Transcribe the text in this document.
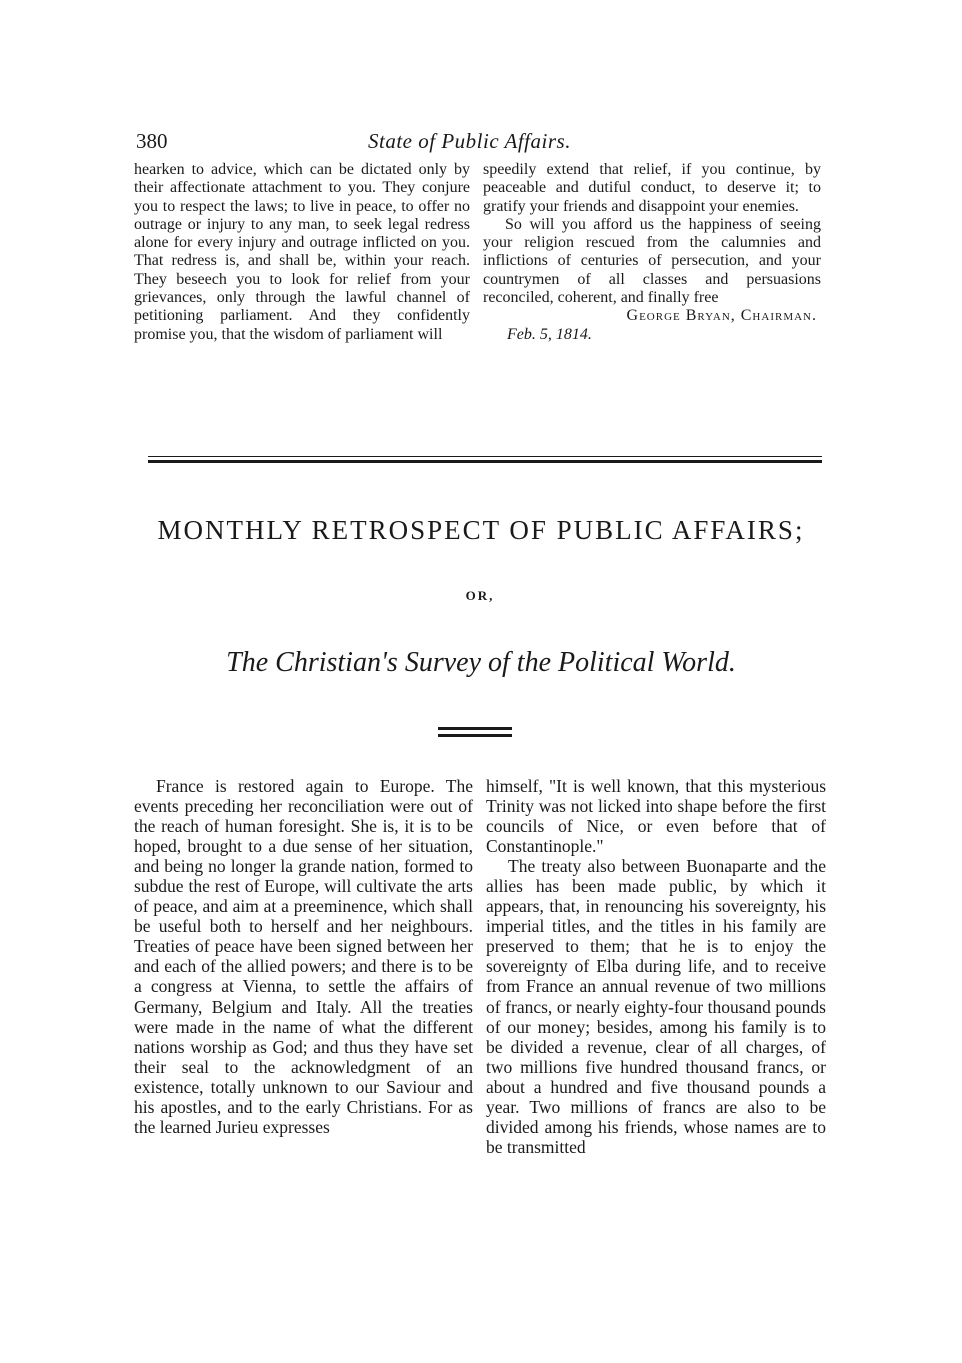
380	State of Public Affairs.

hearken to advice, which can be dictated only by their affectionate attachment to you. They conjure you to respect the laws; to live in peace, to offer no outrage or injury to any man, to seek legal redress alone for every injury and outrage inflicted on you. That redress is, and shall be, within your reach. They beseech you to look for relief from your grievances, only through the lawful channel of petitioning parliament. And they confidently promise you, that the wisdom of parliament will

speedily extend that relief, if you continue, by peaceable and dutiful conduct, to deserve it; to gratify your friends and disappoint your enemies.

So will you afford us the happiness of seeing your religion rescued from the calumnies and inflictions of centuries of persecution, and your countrymen of all classes and persuasions reconciled, coherent, and finally free

George Bryan, Chairman.

Feb. 5, 1814.

MONTHLY RETROSPECT OF PUBLIC AFFAIRS;
OR,
The Christian's Survey of the Political World.

France is restored again to Europe. The events preceding her reconciliation were out of the reach of human foresight. She is, it is to be hoped, brought to a due sense of her situation, and being no longer la grande nation, formed to subdue the rest of Europe, will cultivate the arts of peace, and aim at a preeminence, which shall be useful both to herself and her neighbours. Treaties of peace have been signed between her and each of the allied powers; and there is to be a congress at Vienna, to settle the affairs of Germany, Belgium and Italy. All the treaties were made in the name of what the different nations worship as God; and thus they have set their seal to the acknowledgment of an existence, totally unknown to our Saviour and his apostles, and to the early Christians. For as the learned Jurieu expresses

himself, "It is well known, that this mysterious Trinity was not licked into shape before the first councils of Nice, or even before that of Constantinople."

The treaty also between Buonaparte and the allies has been made public, by which it appears, that, in renouncing his sovereignty, his imperial titles, and the titles in his family are preserved to them; that he is to enjoy the sovereignty of Elba during life, and to receive from France an annual revenue of two millions of francs, or nearly eighty-four thousand pounds of our money; besides, among his family is to be divided a revenue, clear of all charges, of two millions five hundred thousand francs, or about a hundred and five thousand pounds a year. Two millions of francs are also to be divided among his friends, whose names are to be transmitted
